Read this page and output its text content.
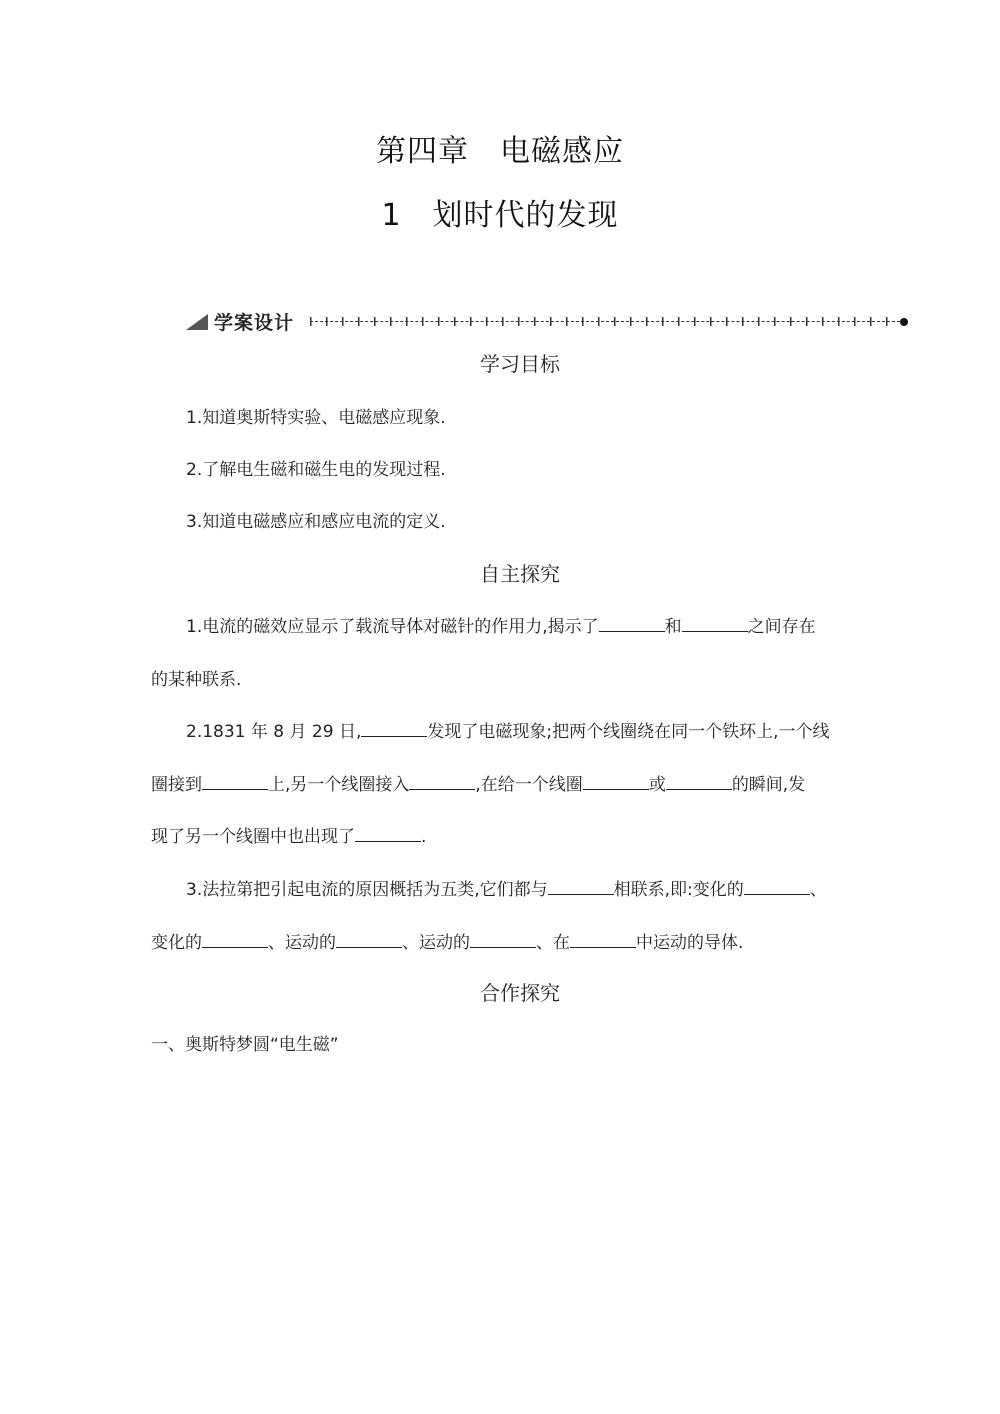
第四章　电磁感应
1　划时代的发现
学案设计
学习目标
1.知道奥斯特实验、电磁感应现象.
2.了解电生磁和磁生电的发现过程.
3.知道电磁感应和感应电流的定义.
自主探究
1.电流的磁效应显示了载流导体对磁针的作用力,揭示了	和	之间存在
的某种联系.
2.1831 年 8 月 29 日,	发现了电磁现象;把两个线圈绕在同一个铁环上,一个线
圈接到	上,另一个线圈接入	,在给一个线圈	或	的瞬间,发
现了另一个线圈中也出现了	.
3.法拉第把引起电流的原因概括为五类,它们都与	相联系,即:变化的	、
变化的	、运动的	、运动的	、在	中运动的导体.
合作探究
一、奥斯特梦圆“电生磁”
